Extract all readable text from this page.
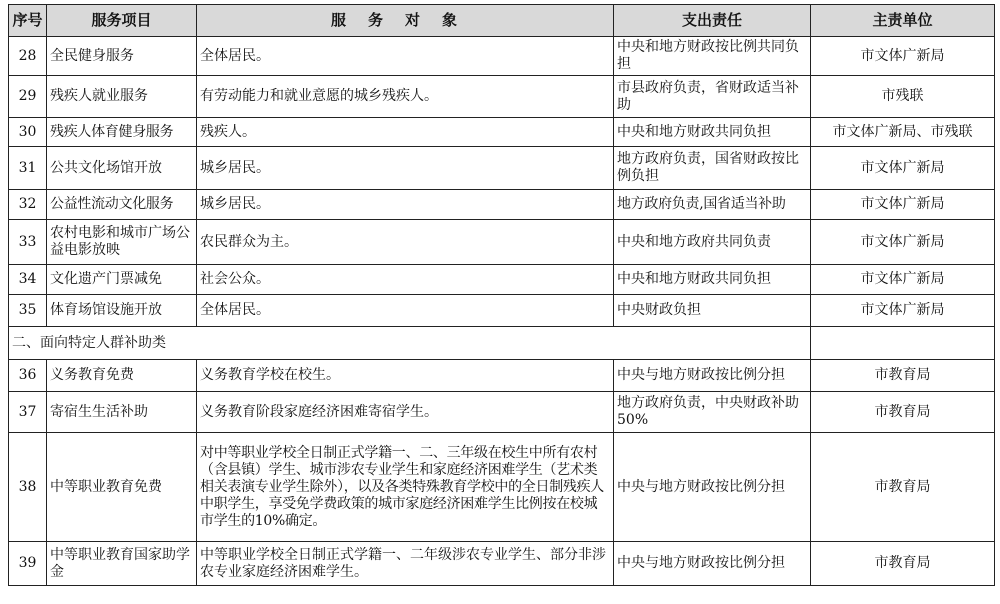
序号	服务项目	服务对象	支出责任	主责单位
28	全民健身服务	全体居民。	中央和地方财政按比例共同负担	市文体广新局
29	残疾人就业服务	有劳动能力和就业意愿的城乡残疾人。	市县政府负责，省财政适当补助	市残联
30	残疾人体育健身服务	残疾人。	中央和地方财政共同负担	市文体广新局、市残联
31	公共文化场馆开放	城乡居民。	地方政府负责，国省财政按比例负担	市文体广新局
32	公益性流动文化服务	城乡居民。	地方政府负责,国省适当补助	市文体广新局
33	农村电影和城市广场公益电影放映	农民群众为主。	中央和地方政府共同负责	市文体广新局
34	文化遗产门票减免	社会公众。	中央和地方财政共同负担	市文体广新局
35	体育场馆设施开放	全体居民。	中央财政负担	市文体广新局
二、面向特定人群补助类				
36	义务教育免费	义务教育学校在校生。	中央与地方财政按比例分担	市教育局
37	寄宿生生活补助	义务教育阶段家庭经济困难寄宿学生。	地方政府负责，中央财政补助50%	市教育局
38	中等职业教育免费	对中等职业学校全日制正式学籍一、二、三年级在校生中所有农村（含县镇）学生、城市涉农专业学生和家庭经济困难学生（艺术类相关表演专业学生除外），以及各类特殊教育学校中的全日制残疾人中职学生，享受免学费政策的城市家庭经济困难学生比例按在校城市学生的10%确定。	中央与地方财政按比例分担	市教育局
39	中等职业教育国家助学金	中等职业学校全日制正式学籍一、二年级涉农专业学生、部分非涉农专业家庭经济困难学生。	中央与地方财政按比例分担	市教育局
